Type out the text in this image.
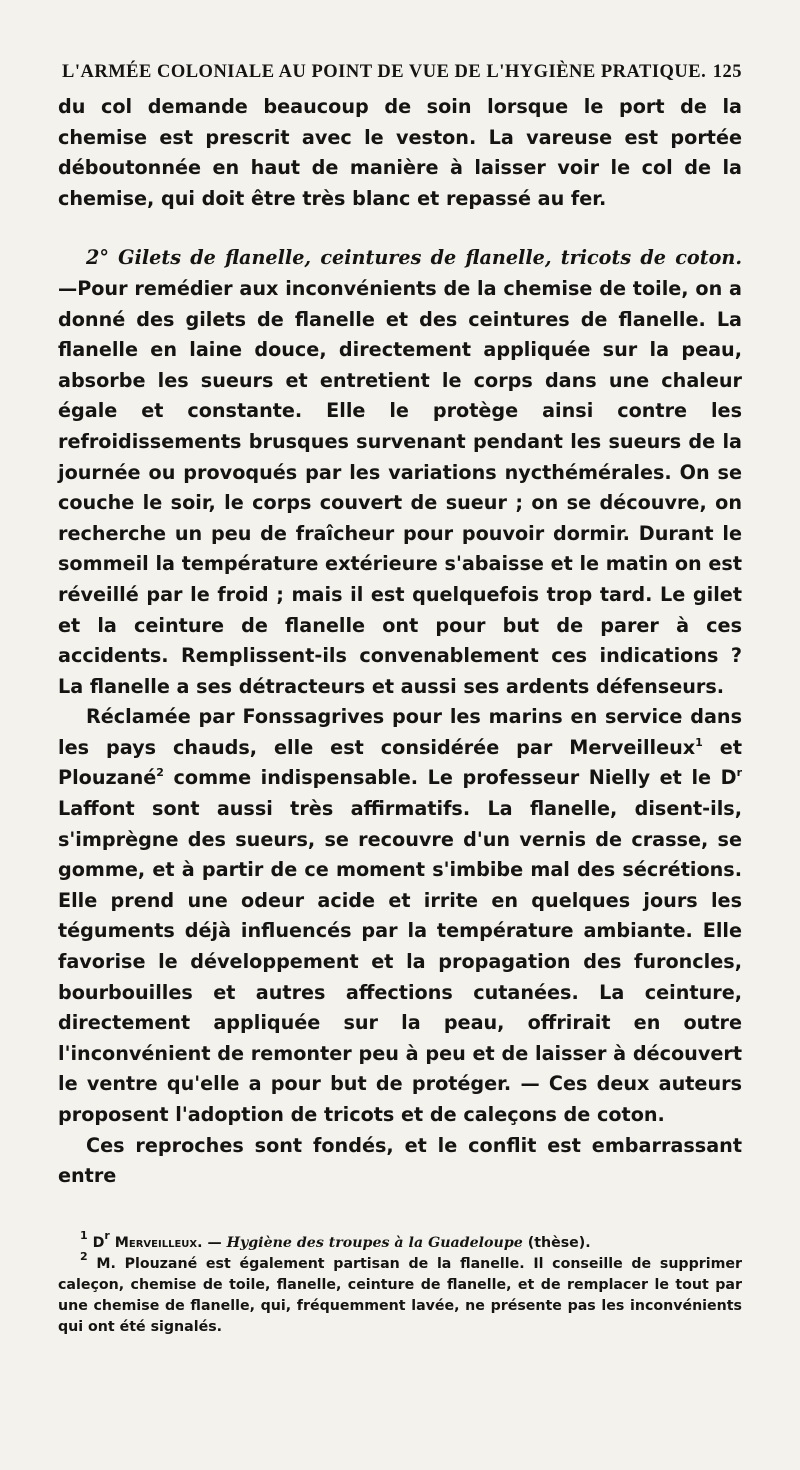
L'ARMÉE COLONIALE AU POINT DE VUE DE L'HYGIÈNE PRATIQUE. 125

du col demande beaucoup de soin lorsque le port de la chemise est prescrit avec le veston. La vareuse est portée déboutonnée en haut de manière à laisser voir le col de la chemise, qui doit être très blanc et repassé au fer.

2° Gilets de flanelle, ceintures de flanelle, tricots de coton. —Pour remédier aux inconvénients de la chemise de toile, on a donné des gilets de flanelle et des ceintures de flanelle. La flanelle en laine douce, directement appliquée sur la peau, absorbe les sueurs et entretient le corps dans une chaleur égale et constante. Elle le protège ainsi contre les refroidissements brusques survenant pendant les sueurs de la journée ou provoqués par les variations nycthémérales. On se couche le soir, le corps couvert de sueur ; on se découvre, on recherche un peu de fraîcheur pour pouvoir dormir. Durant le sommeil la température extérieure s'abaisse et le matin on est réveillé par le froid ; mais il est quelquefois trop tard. Le gilet et la ceinture de flanelle ont pour but de parer à ces accidents. Remplissent-ils convenablement ces indications ? La flanelle a ses détracteurs et aussi ses ardents défenseurs.

Réclamée par Fonssagrives pour les marins en service dans les pays chauds, elle est considérée par Merveilleux$^1$ et Plouzané$^2$ comme indispensable. Le professeur Nielly et le $D^r$ Laffont sont aussi très affirmatifs. La flanelle, disent-ils, s'imprègne des sueurs, se recouvre d'un vernis de crasse, se gomme, et à partir de ce moment s'imbibe mal des sécrétions. Elle prend une odeur acide et irrite en quelques jours les téguments déjà influencés par la température ambiante. Elle favorise le développement et la propagation des furoncles, bourbouilles et autres affections cutanées. La ceinture, directement appliquée sur la peau, offrirait en outre l'inconvénient de remonter peu à peu et de laisser à découvert le ventre qu'elle a pour but de protéger. — Ces deux auteurs proposent l'adoption de tricots et de caleçons de coton.

Ces reproches sont fondés, et le conflit est embarrassant entre

$^1$ $D^r$ Merveilleux. — Hygiène des troupes à la Guadeloupe (thèse).

$^2$ M. Plouzané est également partisan de la flanelle. Il conseille de supprimer caleçon, chemise de toile, flanelle, ceinture de flanelle, et de remplacer le tout par une chemise de flanelle, qui, fréquemment lavée, ne présente pas les inconvénients qui ont été signalés.
